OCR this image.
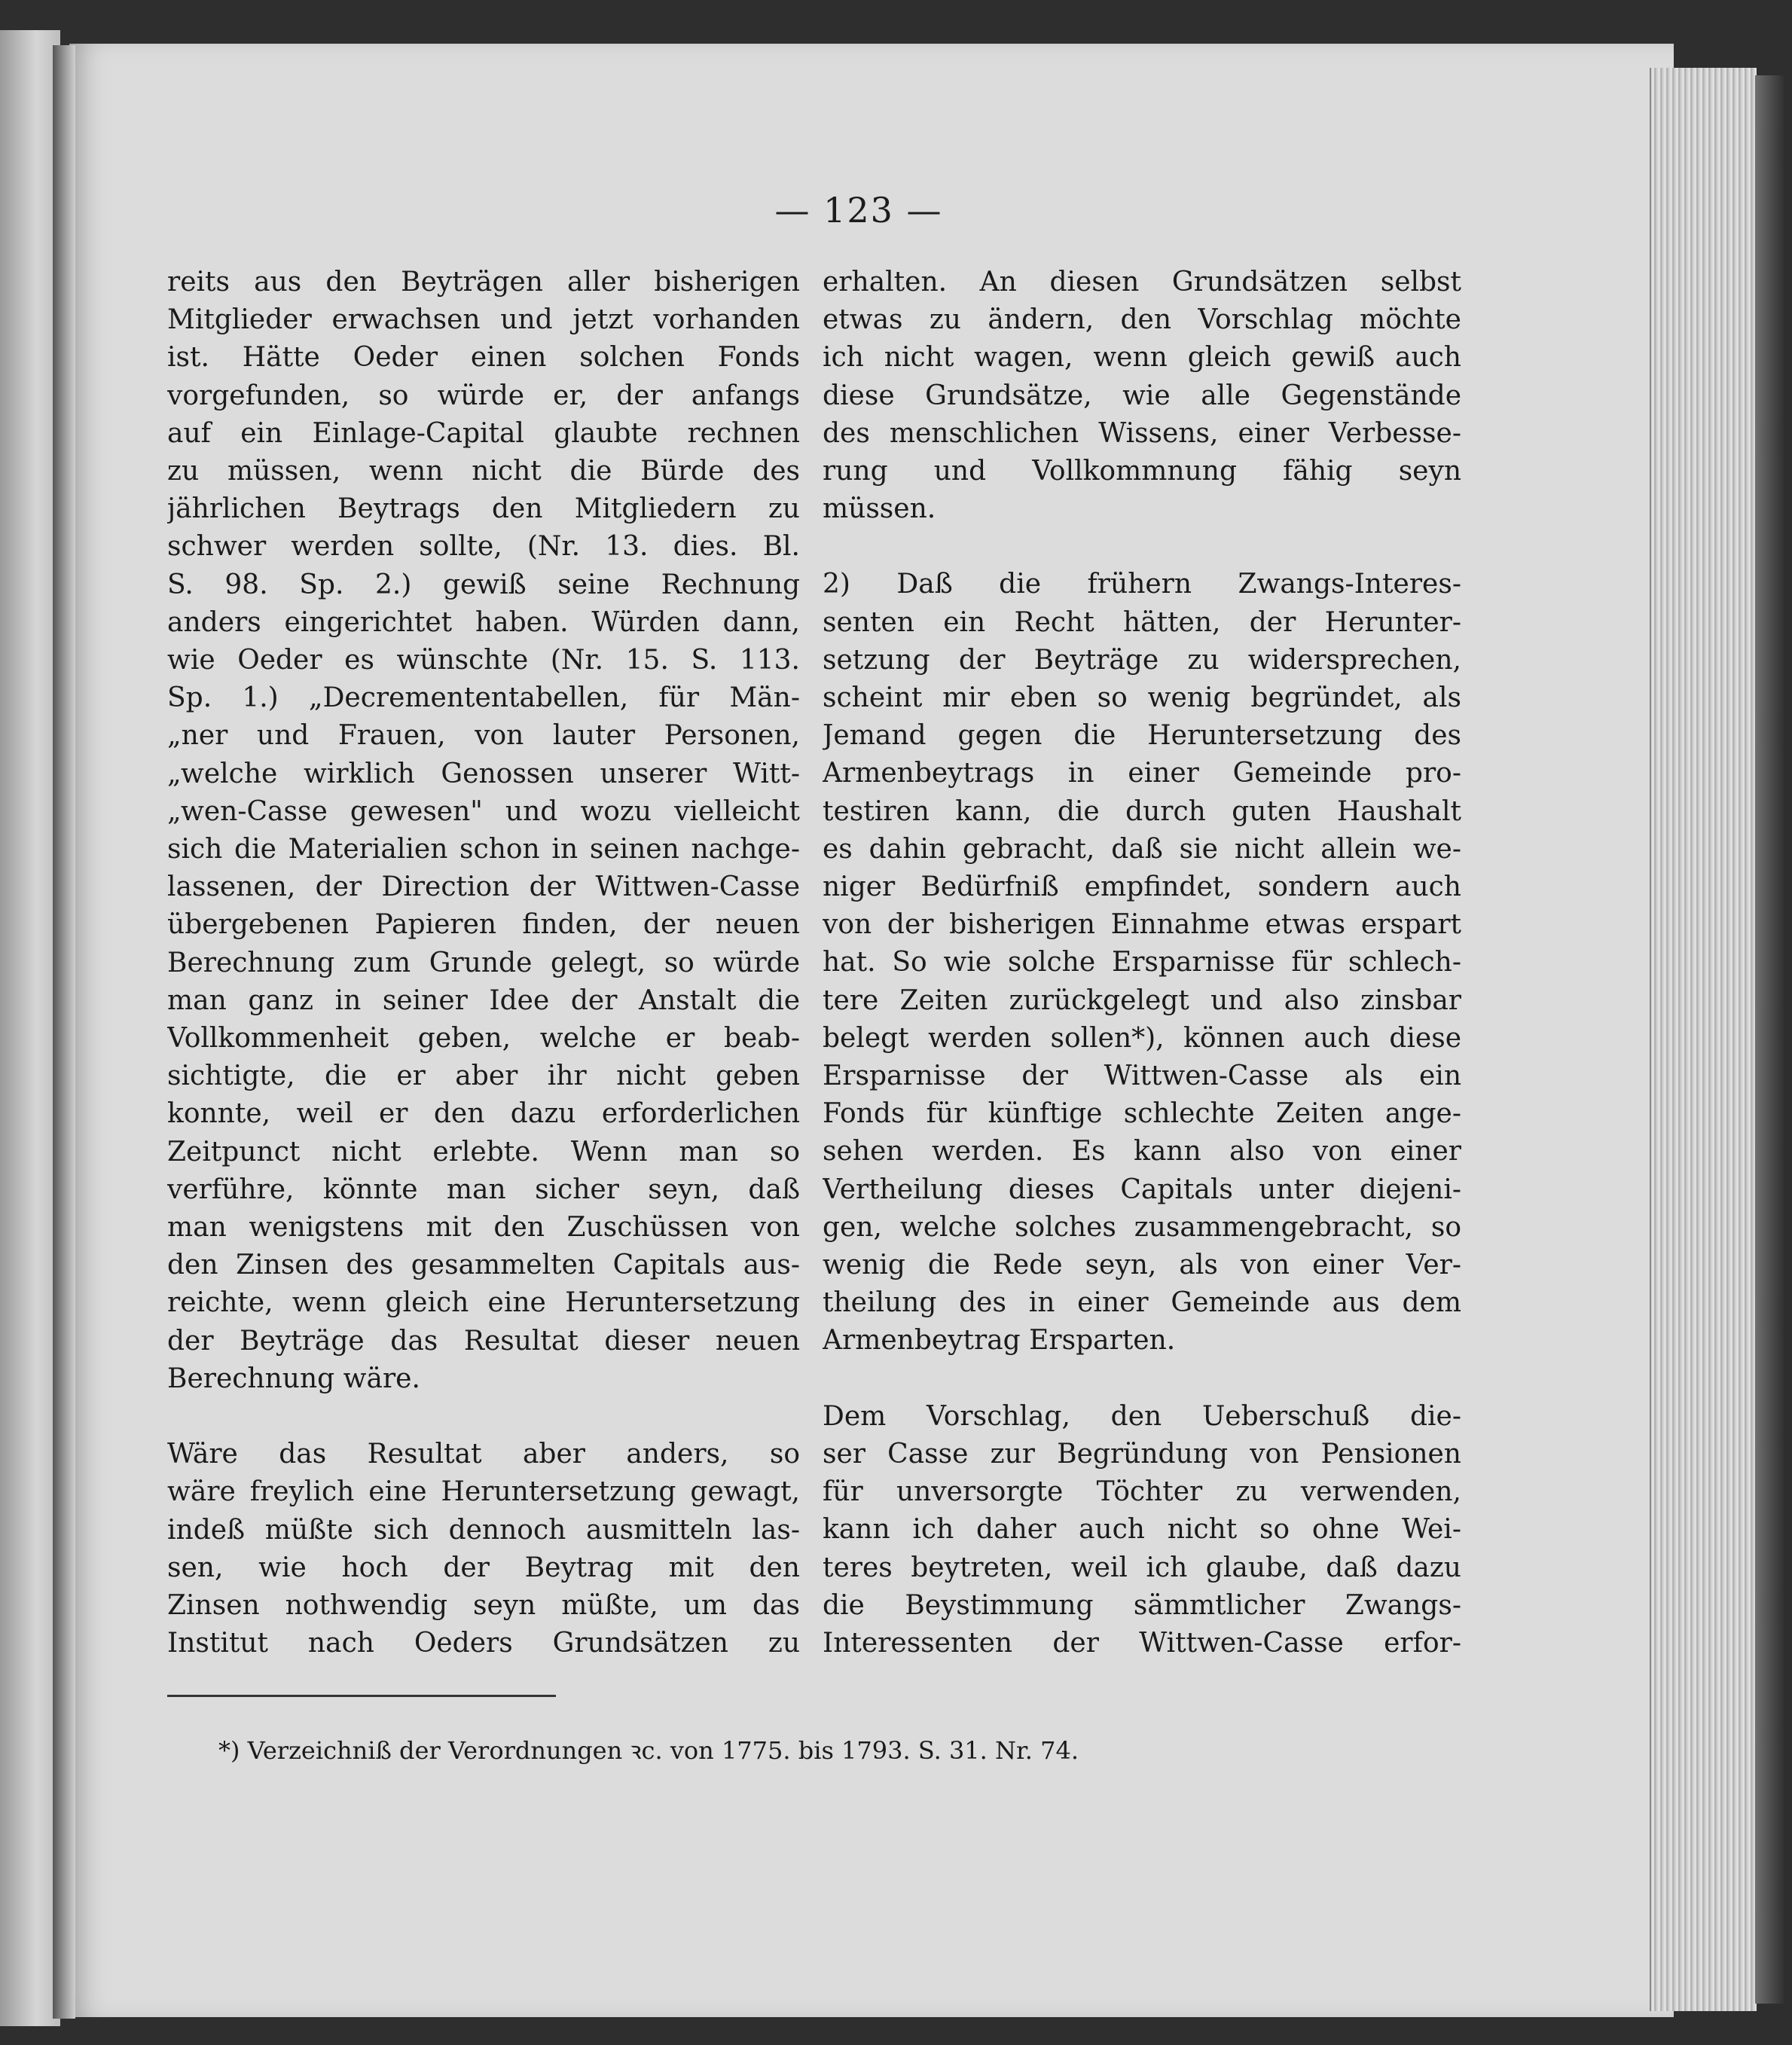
— 123 —

reits aus den Beyträgen aller bisherigen
Mitglieder erwachsen und jetzt vorhanden
ist. Hätte Oeder einen solchen Fonds
vorgefunden, so würde er, der anfangs
auf ein Einlage-Capital glaubte rechnen
zu müssen, wenn nicht die Bürde des
jährlichen Beytrags den Mitgliedern zu
schwer werden sollte, (Nr. 13. dies. Bl.
S. 98. Sp. 2.) gewiß seine Rechnung
anders eingerichtet haben. Würden dann,
wie Oeder es wünschte (Nr. 15. S. 113.
Sp. 1.) „Decremententabellen, für Män-
„ner und Frauen, von lauter Personen,
„welche wirklich Genossen unserer Witt-
„wen-Casse gewesen" und wozu vielleicht
sich die Materialien schon in seinen nachge-
lassenen, der Direction der Wittwen-Casse
übergebenen Papieren finden, der neuen
Berechnung zum Grunde gelegt, so würde
man ganz in seiner Idee der Anstalt die
Vollkommenheit geben, welche er beab-
sichtigte, die er aber ihr nicht geben
konnte, weil er den dazu erforderlichen
Zeitpunct nicht erlebte. Wenn man so
verführe, könnte man sicher seyn, daß
man wenigstens mit den Zuschüssen von
den Zinsen des gesammelten Capitals aus-
reichte, wenn gleich eine Heruntersetzung
der Beyträge das Resultat dieser neuen
Berechnung wäre.

Wäre das Resultat aber anders, so
wäre freylich eine Heruntersetzung gewagt,
indeß müßte sich dennoch ausmitteln las-
sen, wie hoch der Beytrag mit den
Zinsen nothwendig seyn müßte, um das
Institut nach Oeders Grundsätzen zu

erhalten. An diesen Grundsätzen selbst
etwas zu ändern, den Vorschlag möchte
ich nicht wagen, wenn gleich gewiß auch
diese Grundsätze, wie alle Gegenstände
des menschlichen Wissens, einer Verbesse-
rung und Vollkommnung fähig seyn
müssen.

2) Daß die frühern Zwangs-Interes-
senten ein Recht hätten, der Herunter-
setzung der Beyträge zu widersprechen,
scheint mir eben so wenig begründet, als
Jemand gegen die Heruntersetzung des
Armenbeytrags in einer Gemeinde pro-
testiren kann, die durch guten Haushalt
es dahin gebracht, daß sie nicht allein we-
niger Bedürfniß empfindet, sondern auch
von der bisherigen Einnahme etwas erspart
hat. So wie solche Ersparnisse für schlech-
tere Zeiten zurückgelegt und also zinsbar
belegt werden sollen*), können auch diese
Ersparnisse der Wittwen-Casse als ein
Fonds für künftige schlechte Zeiten ange-
sehen werden. Es kann also von einer
Vertheilung dieses Capitals unter diejeni-
gen, welche solches zusammengebracht, so
wenig die Rede seyn, als von einer Ver-
theilung des in einer Gemeinde aus dem
Armenbeytrag Ersparten.

Dem Vorschlag, den Ueberschuß die-
ser Casse zur Begründung von Pensionen
für unversorgte Töchter zu verwenden,
kann ich daher auch nicht so ohne Wei-
teres beytreten, weil ich glaube, daß dazu
die Beystimmung sämmtlicher Zwangs-
Interessenten der Wittwen-Casse erfor-

*) Verzeichniß der Verordnungen ꝛc. von 1775. bis 1793. S. 31. Nr. 74.
